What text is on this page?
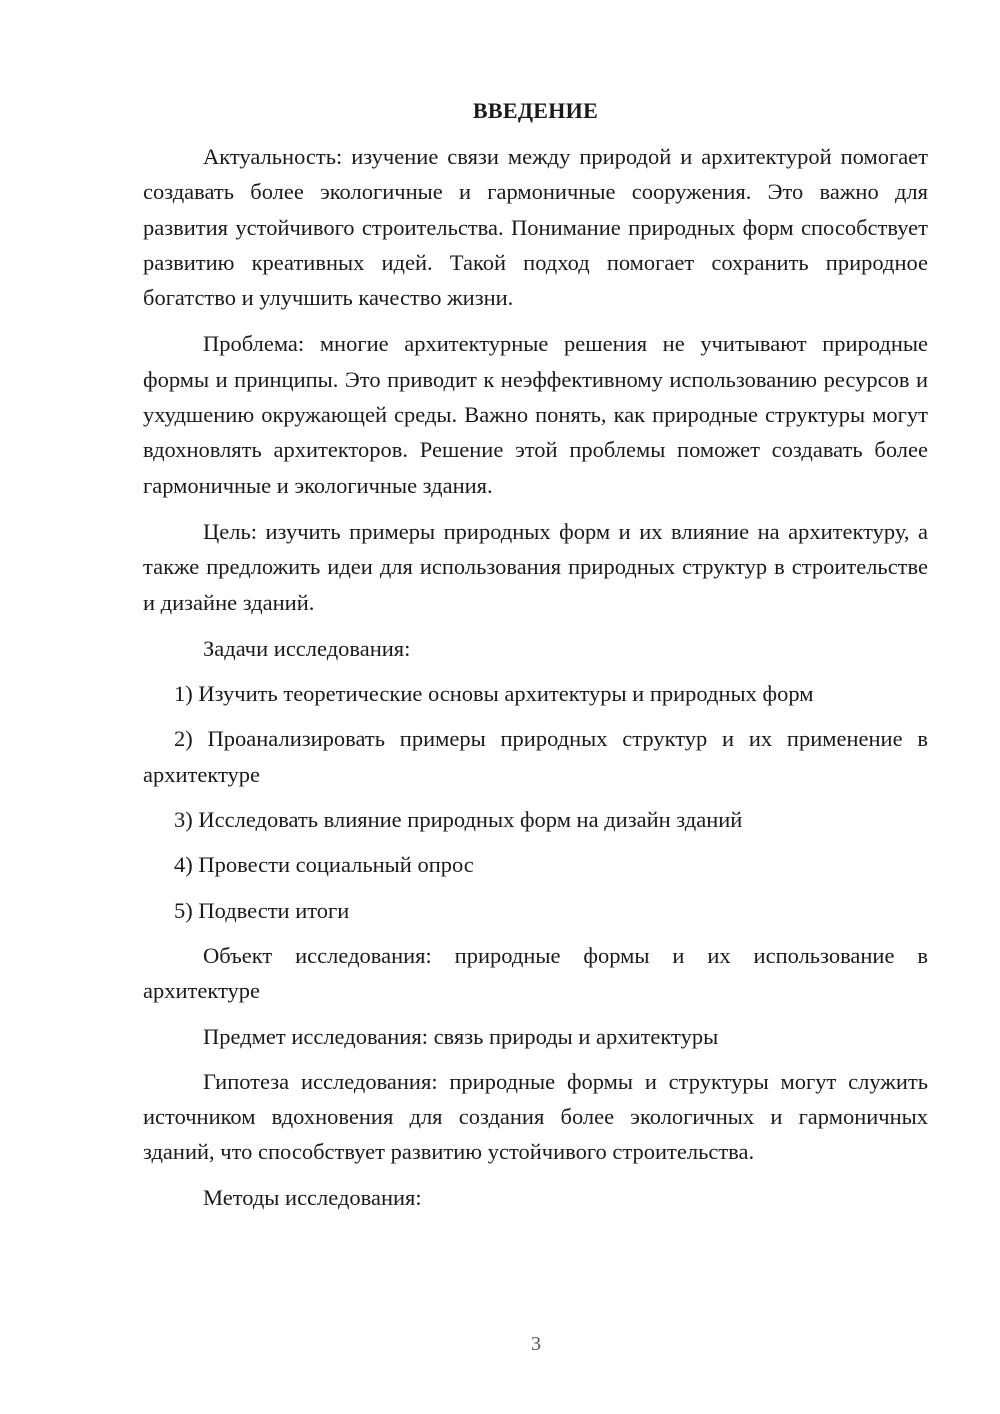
ВВЕДЕНИЕ

Актуальность: изучение связи между природой и архитектурой помогает создавать более экологичные и гармоничные сооружения. Это важно для развития устойчивого строительства. Понимание природных форм способствует развитию креативных идей. Такой подход помогает сохранить природное богатство и улучшить качество жизни.

Проблема: многие архитектурные решения не учитывают природные формы и принципы. Это приводит к неэффективному использованию ресурсов и ухудшению окружающей среды. Важно понять, как природные структуры могут вдохновлять архитекторов. Решение этой проблемы поможет создавать более гармоничные и экологичные здания.

Цель: изучить примеры природных форм и их влияние на архитектуру, а также предложить идеи для использования природных структур в строительстве и дизайне зданий.

Задачи исследования:

1) Изучить теоретические основы архитектуры и природных форм

2) Проанализировать примеры природных структур и их применение в архитектуре

3) Исследовать влияние природных форм на дизайн зданий

4) Провести социальный опрос

5) Подвести итоги

Объект исследования: природные формы и их использование в архитектуре

Предмет исследования: связь природы и архитектуры

Гипотеза исследования: природные формы и структуры могут служить источником вдохновения для создания более экологичных и гармоничных зданий, что способствует развитию устойчивого строительства.

Методы исследования:

3
